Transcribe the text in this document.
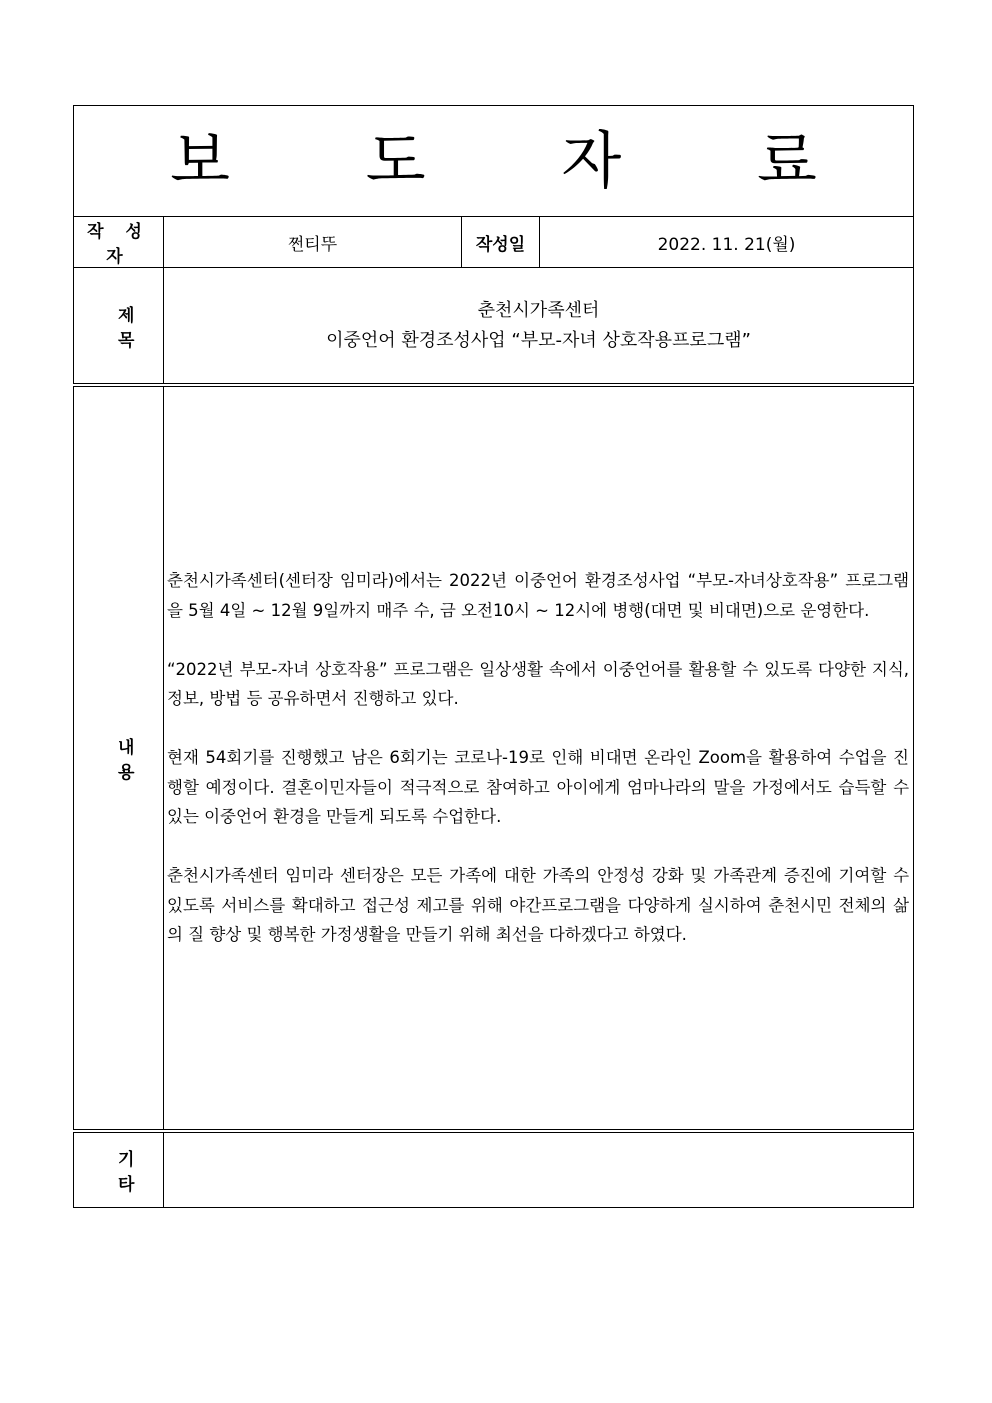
보 도 자 료			
작 성 자	쩐티뚜	작성일	2022. 11. 21(월)
제 목	춘천시가족센터
이중언어 환경조성사업 “부모-자녀 상호작용프로그램”		

내 용	춘천시가족센터(센터장 임미라)에서는 2022년 이중언어 환경조성사업 “부모-자녀상호작용” 프로그램을 5월 4일 ~ 12월 9일까지 매주 수, 금 오전10시 ~ 12시에 병행(대면 및 비대면)으로 운영한다.

“2022년 부모-자녀 상호작용” 프로그램은 일상생활 속에서 이중언어를 활용할 수 있도록 다양한 지식, 정보, 방법 등 공유하면서 진행하고 있다.

현재 54회기를 진행했고 남은 6회기는 코로나-19로 인해 비대면 온라인 Zoom을 활용하여 수업을 진행할 예정이다. 결혼이민자들이 적극적으로 참여하고 아이에게 엄마나라의 말을 가정에서도 습득할 수 있는 이중언어 환경을 만들게 되도록 수업한다.

춘천시가족센터 임미라 센터장은 모든 가족에 대한 가족의 안정성 강화 및 가족관계 증진에 기여할 수 있도록 서비스를 확대하고 접근성 제고를 위해 야간프로그램을 다양하게 실시하여 춘천시민 전체의 삶의 질 향상 및 행복한 가정생활을 만들기 위해 최선을 다하겠다고 하였다.		

기 타			
